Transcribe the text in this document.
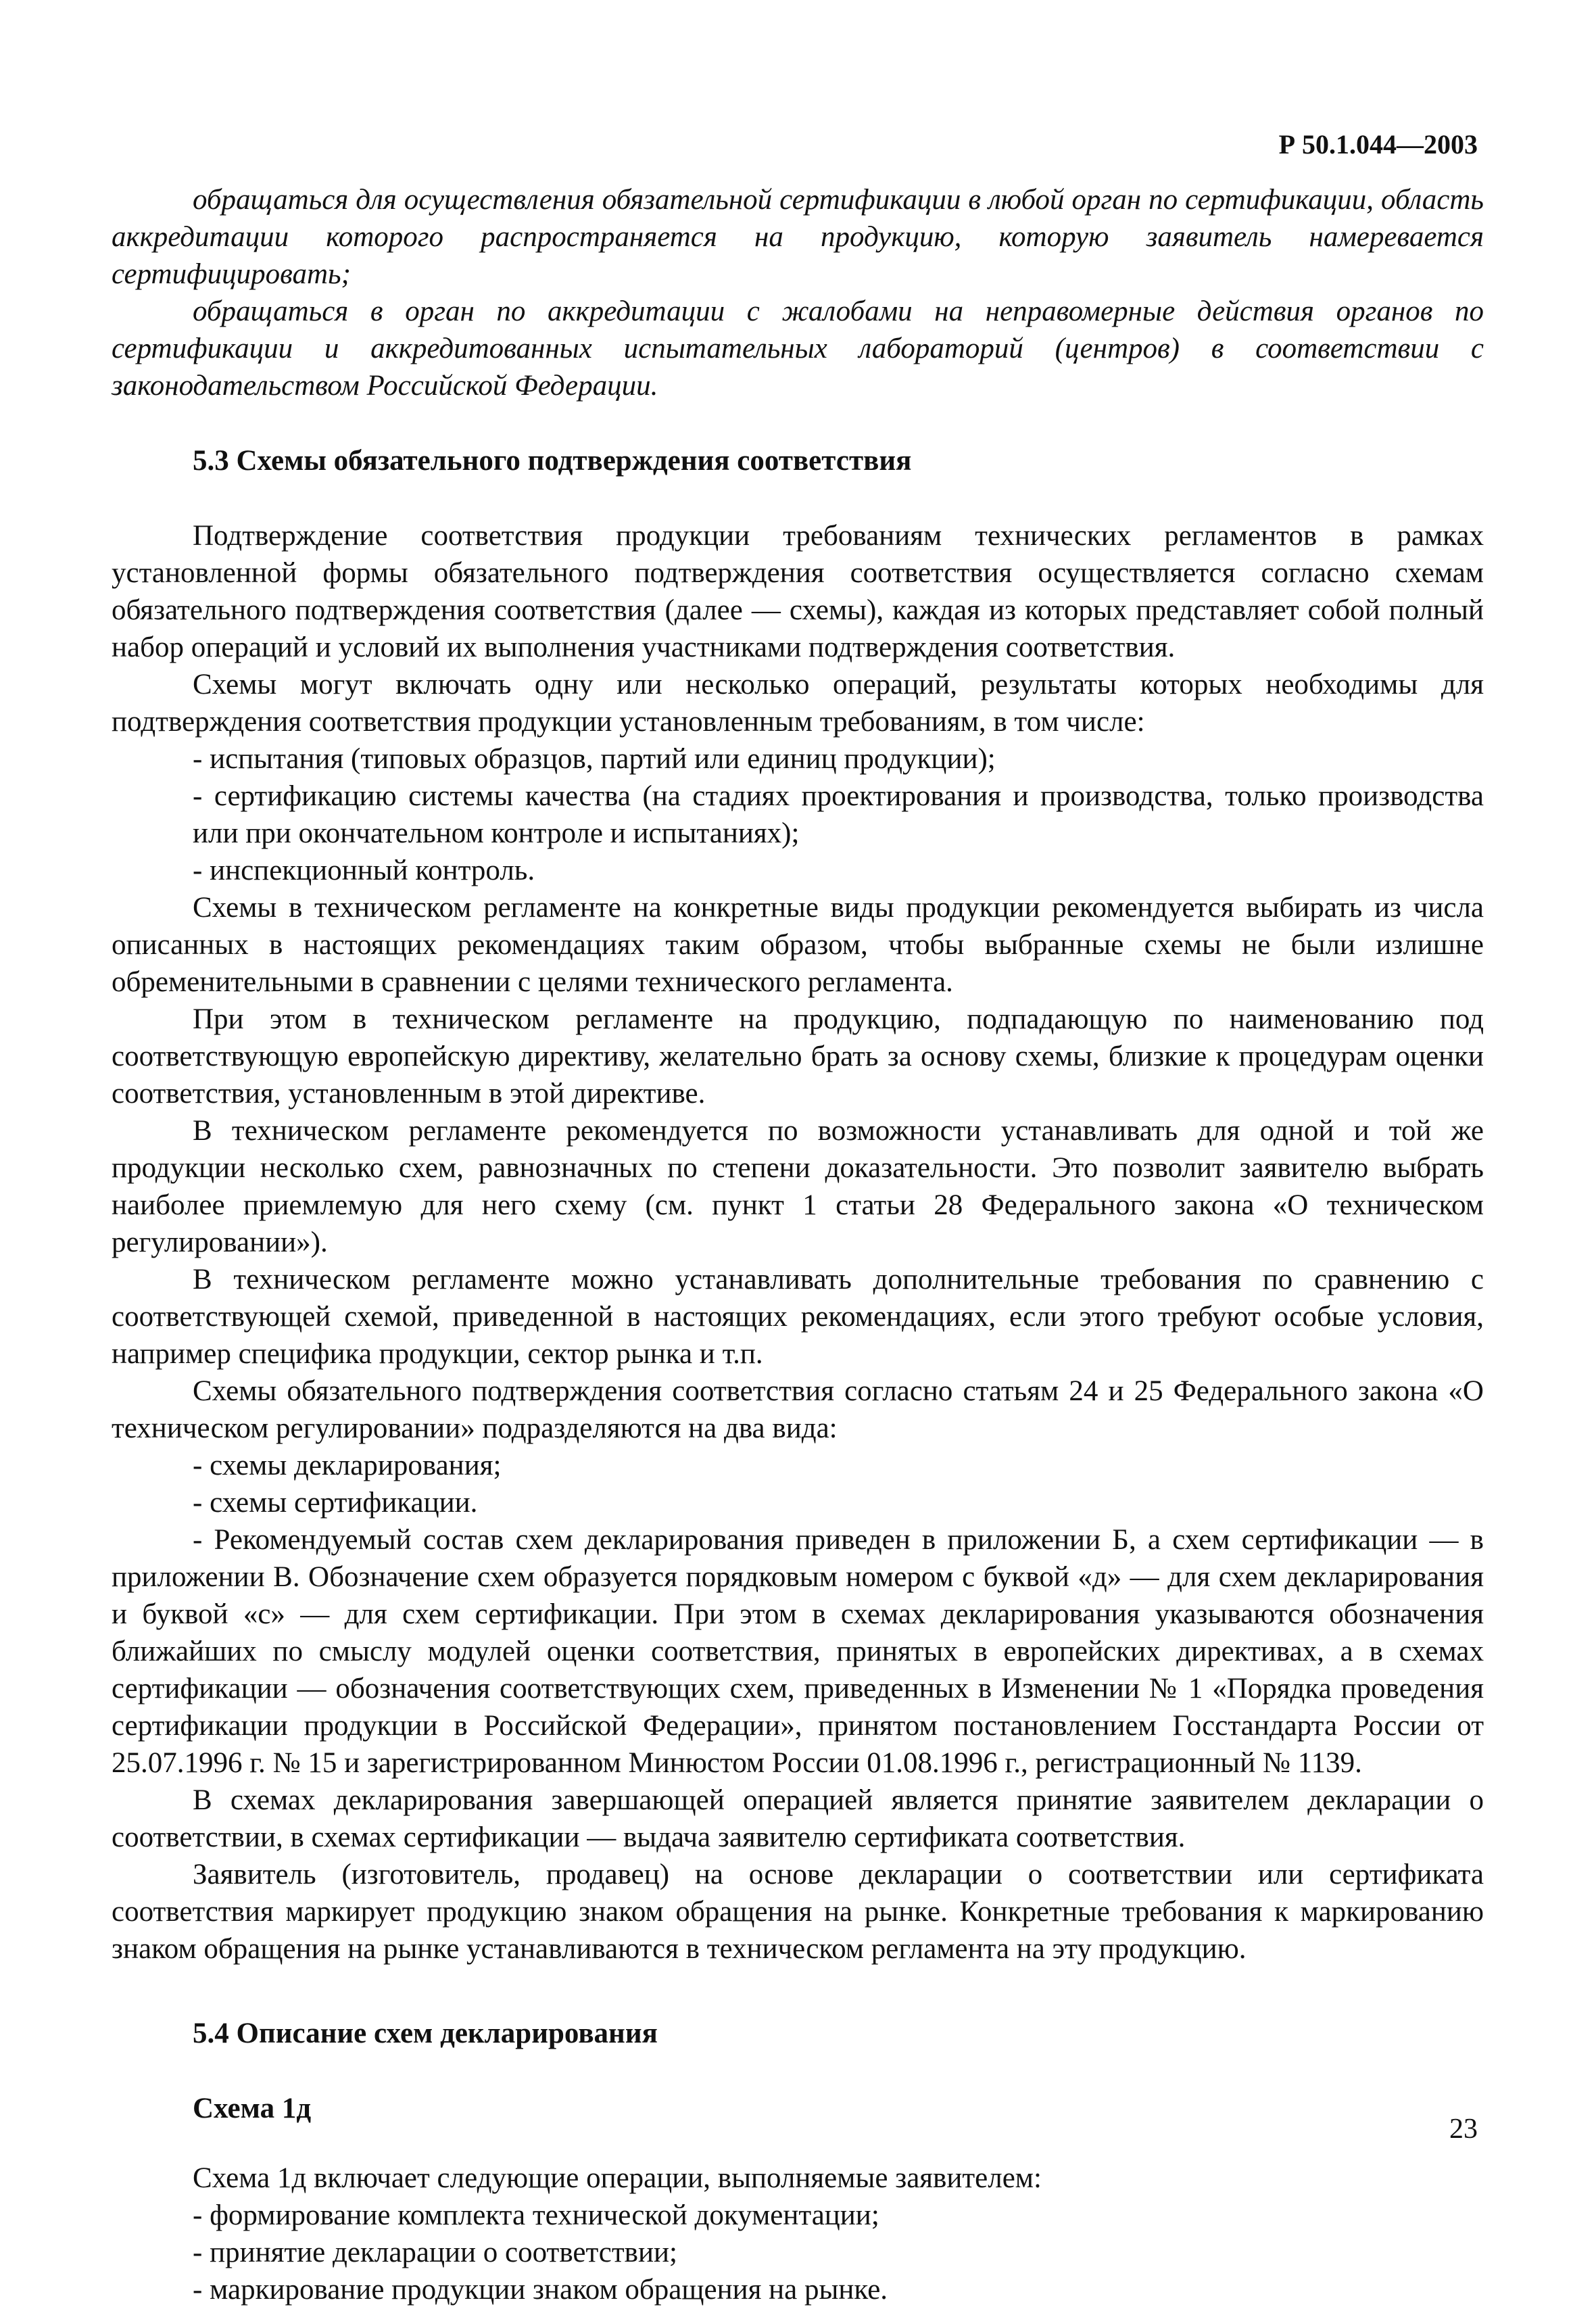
Р 50.1.044—2003

обращаться для осуществления обязательной сертификации в любой орган по сертификации, область аккредитации которого распространяется на продукцию, которую заявитель намеревается сертифицировать;

обращаться в орган по аккредитации с жалобами на неправомерные действия органов по сертификации и аккредитованных испытательных лабораторий (центров) в соответствии с законодательством Российской Федерации.

5.3 Схемы обязательного подтверждения соответствия

Подтверждение соответствия продукции требованиям технических регламентов в рамках установленной формы обязательного подтверждения соответствия осуществляется согласно схемам обязательного подтверждения соответствия (далее — схемы), каждая из которых представляет собой полный набор операций и условий их выполнения участниками подтверждения соответствия.

Схемы могут включать одну или несколько операций, результаты которых необходимы для подтверждения соответствия продукции установленным требованиям, в том числе:

- испытания (типовых образцов, партий или единиц продукции);

- сертификацию системы качества (на стадиях проектирования и производства, только производства или при окончательном контроле и испытаниях);

- инспекционный контроль.

Схемы в техническом регламенте на конкретные виды продукции рекомендуется выбирать из числа описанных в настоящих рекомендациях таким образом, чтобы выбранные схемы не были излишне обременительными в сравнении с целями технического регламента.

При этом в техническом регламенте на продукцию, подпадающую по наименованию под соответствующую европейскую директиву, желательно брать за основу схемы, близкие к процедурам оценки соответствия, установленным в этой директиве.

В техническом регламенте рекомендуется по возможности устанавливать для одной и той же продукции несколько схем, равнозначных по степени доказательности. Это позволит заявителю выбрать наиболее приемлемую для него схему (см. пункт 1 статьи 28 Федерального закона «О техническом регулировании»).

В техническом регламенте можно устанавливать дополнительные требования по сравнению с соответствующей схемой, приведенной в настоящих рекомендациях, если этого требуют особые условия, например специфика продукции, сектор рынка и т.п.

Схемы обязательного подтверждения соответствия согласно статьям 24 и 25 Федерального закона «О техническом регулировании» подразделяются на два вида:

- схемы декларирования;

- схемы сертификации.

- Рекомендуемый состав схем декларирования приведен в приложении Б, а схем сертификации — в приложении В. Обозначение схем образуется порядковым номером с буквой «д» — для схем декларирования и буквой «с» — для схем сертификации. При этом в схемах декларирования указываются обозначения ближайших по смыслу модулей оценки соответствия, принятых в европейских директивах, а в схемах сертификации — обозначения соответствующих схем, приведенных в Изменении № 1 «Порядка проведения сертификации продукции в Российской Федерации», принятом постановлением Госстандарта России от 25.07.1996 г. № 15 и зарегистрированном Минюстом России 01.08.1996 г., регистрационный № 1139.

В схемах декларирования завершающей операцией является принятие заявителем декларации о соответствии, в схемах сертификации — выдача заявителю сертификата соответствия.

Заявитель (изготовитель, продавец) на основе декларации о соответствии или сертификата соответствия маркирует продукцию знаком обращения на рынке. Конкретные требования к маркированию знаком обращения на рынке устанавливаются в техническом регламента на эту продукцию.

5.4 Описание схем декларирования
Схема 1д

Схема 1д включает следующие операции, выполняемые заявителем:

- формирование комплекта технической документации;

- принятие декларации о соответствии;

- маркирование продукции знаком обращения на рынке.

23
